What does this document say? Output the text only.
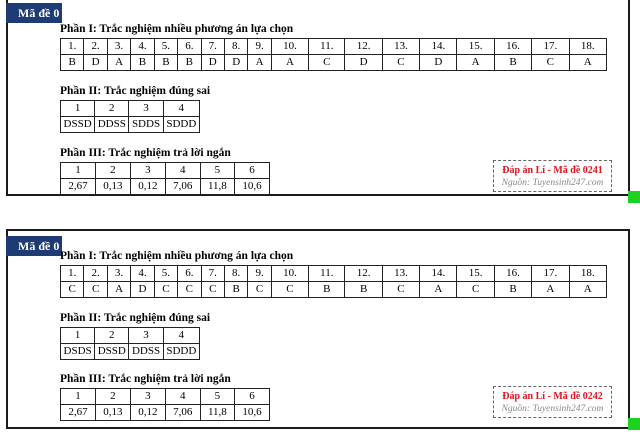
Mã đề 0
Phần I: Trắc nghiệm nhiều phương án lựa chọn
1.	2.	3.	4.	5.	6.	7.	8.	9.	10.	11.	12.	13.	14.	15.	16.	17.	18.
B	D	A	B	B	B	D	D	A	A	C	D	C	D	A	B	C	A
Phần II: Trắc nghiệm đúng sai
1	2	3	4
DSSD	DDSS	SDDS	SDDD
Phần III: Trắc nghiệm trả lời ngắn
1	2	3	4	5	6
2,67	0,13	0,12	7,06	11,8	10,6
Đáp án Lí - Mã đề 0241
Nguồn: Tuyensinh247.com
Mã đề 0
Phần I: Trắc nghiệm nhiều phương án lựa chọn
1.	2.	3.	4.	5.	6.	7.	8.	9.	10.	11.	12.	13.	14.	15.	16.	17.	18.
C	C	A	D	C	C	C	B	C	C	B	B	C	A	C	B	A	A
Phần II: Trắc nghiệm đúng sai
1	2	3	4
DSDS	DSSD	DDSS	SDDD
Phần III: Trắc nghiệm trả lời ngắn
1	2	3	4	5	6
2,67	0,13	0,12	7,06	11,8	10,6
Đáp án Lí - Mã đề 0242
Nguồn: Tuyensinh247.com
